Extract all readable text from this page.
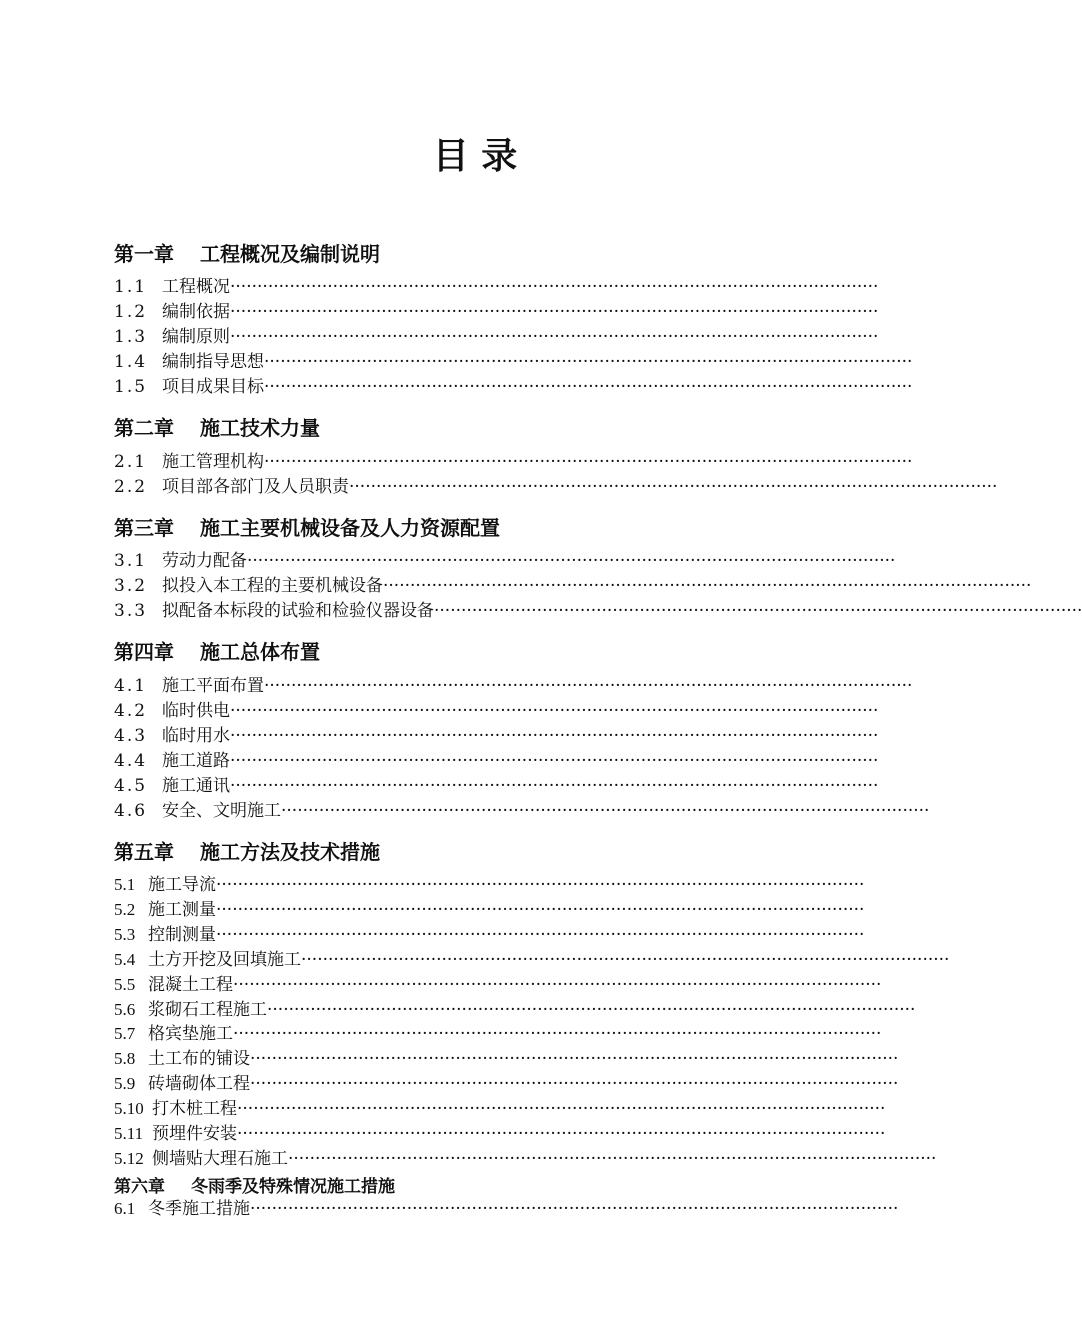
目 录
第一章 工程概况及编制说明
1.1 工程概况························································································································
1.2 编制依据························································································································
1.3 编制原则························································································································
1.4 编制指导思想························································································································
1.5 项目成果目标························································································································
第二章 施工技术力量
2.1 施工管理机构························································································································
2.2 项目部各部门及人员职责························································································································
第三章 施工主要机械设备及人力资源配置
3.1 劳动力配备························································································································
3.2 拟投入本工程的主要机械设备························································································································
3.3 拟配备本标段的试验和检验仪器设备························································································································
第四章 施工总体布置
4.1 施工平面布置························································································································
4.2 临时供电························································································································
4.3 临时用水························································································································
4.4 施工道路························································································································
4.5 施工通讯························································································································
4.6 安全、文明施工························································································································
第五章 施工方法及技术措施
5.1 施工导流························································································································
5.2 施工测量························································································································
5.3 控制测量························································································································
5.4 土方开挖及回填施工························································································································
5.5 混凝土工程························································································································
5.6 浆砌石工程施工························································································································
5.7 格宾垫施工························································································································
5.8 土工布的铺设························································································································
5.9 砖墙砌体工程························································································································
5.10 打木桩工程························································································································
5.11 预埋件安装························································································································
5.12 侧墙贴大理石施工························································································································
第六章 冬雨季及特殊情况施工措施
6.1 冬季施工措施························································································································
